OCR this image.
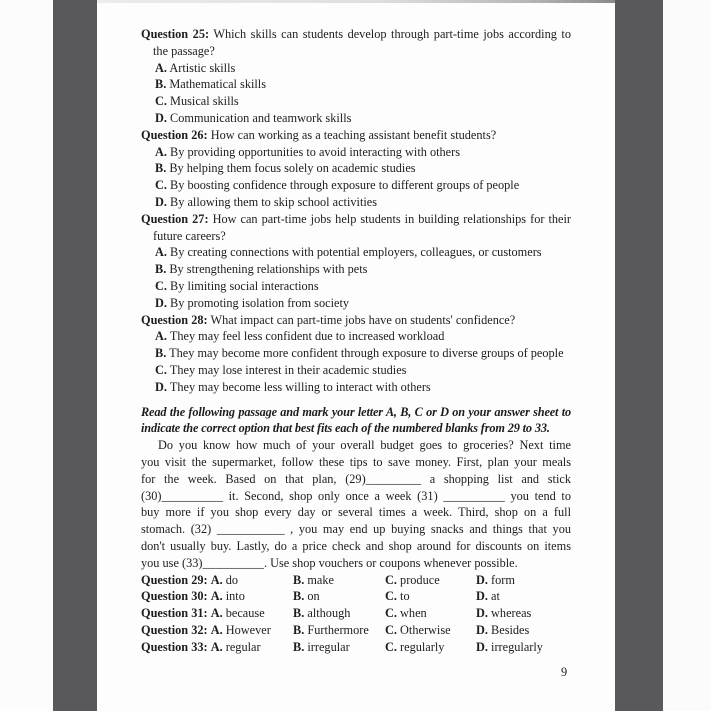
Question 25: Which skills can students develop through part-time jobs according to the passage?
A. Artistic skills
B. Mathematical skills
C. Musical skills
D. Communication and teamwork skills
Question 26: How can working as a teaching assistant benefit students?
A. By providing opportunities to avoid interacting with others
B. By helping them focus solely on academic studies
C. By boosting confidence through exposure to different groups of people
D. By allowing them to skip school activities
Question 27: How can part-time jobs help students in building relationships for their future careers?
A. By creating connections with potential employers, colleagues, or customers
B. By strengthening relationships with pets
C. By limiting social interactions
D. By promoting isolation from society
Question 28: What impact can part-time jobs have on students' confidence?
A. They may feel less confident due to increased workload
B. They may become more confident through exposure to diverse groups of people
C. They may lose interest in their academic studies
D. They may become less willing to interact with others

Read the following passage and mark your letter A, B, C or D on your answer sheet to indicate the correct option that best fits each of the numbered blanks from 29 to 33.

Do you know how much of your overall budget goes to groceries? Next time
you visit the supermarket, follow these tips to save money. First, plan your meals
for the week. Based on that plan, (29)_________ a shopping list and stick
(30)__________ it. Second, shop only once a week (31) __________ you tend to
buy more if you shop every day or several times a week. Third, shop on a full
stomach. (32) ___________ , you may end up buying snacks and things that you
don't usually buy. Lastly, do a price check and shop around for discounts on items
you use (33)__________. Use shop vouchers or coupons whenever possible.
Question 29: A. do	B. make	C. produce	D. form
Question 30: A. into	B. on	C. to	D. at
Question 31: A. because	B. although	C. when	D. whereas
Question 32: A. However	B. Furthermore	C. Otherwise	D. Besides
Question 33: A. regular	B. irregular	C. regularly	D. irregularly
9
